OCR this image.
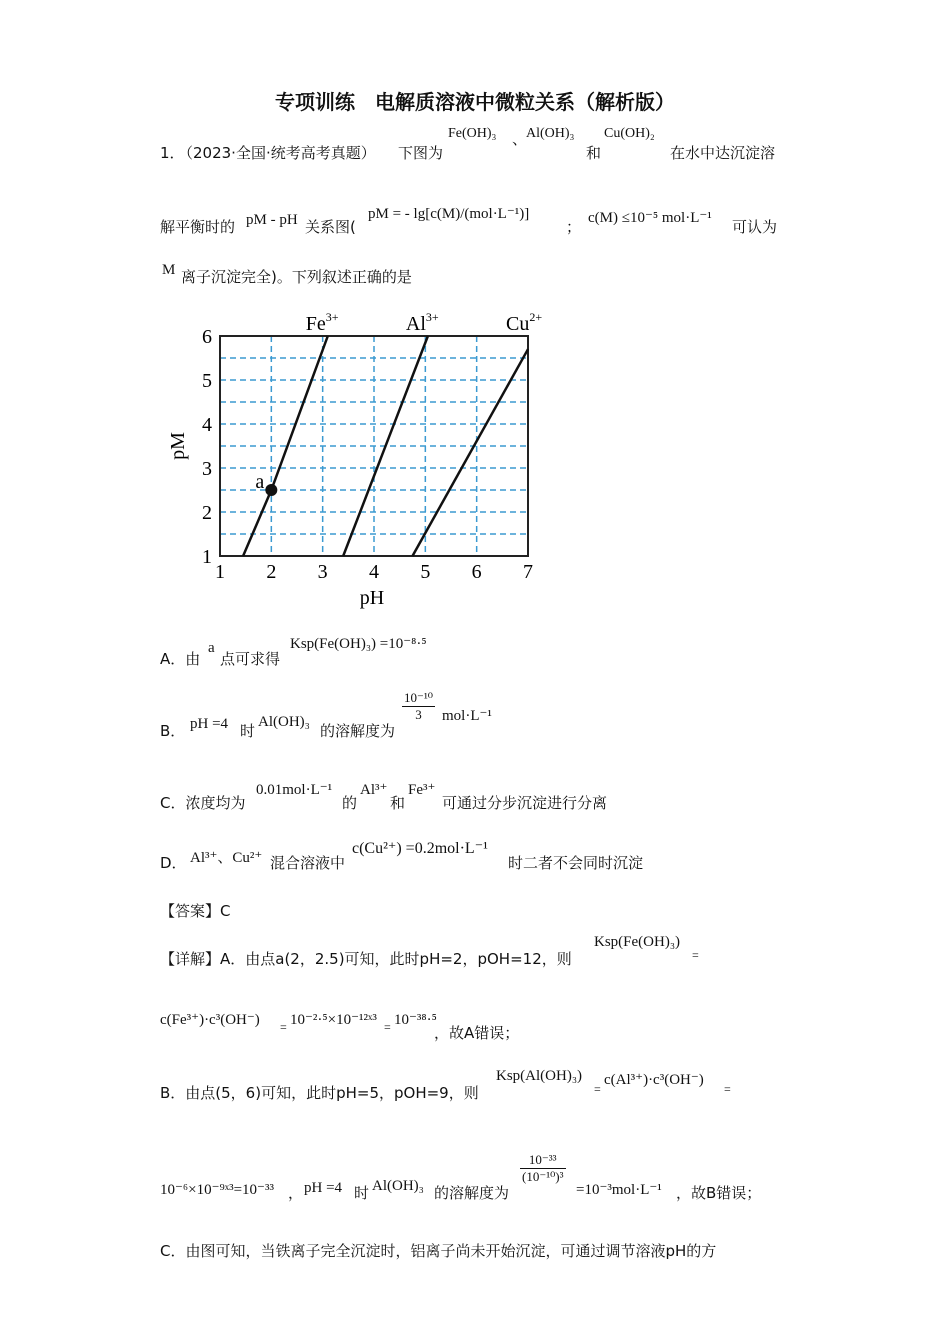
专项训练　电解质溶液中微粒关系（解析版）
1．
（2023·全国·统考高考真题） 下图为
Fe(OH)₃ 、
Al(OH)₃
和
Cu(OH)₂
在水中达沉淀溶
解平衡时的 pM - pH 关系图(
pM = - lg[c(M)/(mol·L⁻¹)]
； c(M) ≤10⁻⁵ mol·L⁻¹ 可认为
M 离子沉淀完全)。下列叙述正确的是
a
1 2 3 4 5 6 7
1
2
3
4
5
6
$Fe^{3+}$	$Al^{3+}$	$Cu^{2+}$
pH
pM
A．由
a
点可求得
Ksp(Fe(OH)₃) =10⁻⁸·⁵
B． pH =4 时 Al(OH)₃ 的溶解度为
$\frac{\text{10⁻¹⁰}}{3} mol\cdot L^{-1}$
C．浓度均为
0.01mol·L⁻¹
的
Al³⁺
和
Fe³⁺
可通过分步沉淀进行分离
D． Al³⁺、Cu²⁺ 混合溶液中
c(Cu²⁺) =0.2mol·L⁻¹
时二者不会同时沉淀
【答案】C
【详解】A．由点a(2，2.5)可知，此时pH=2，pOH=12，则
Ksp(Fe(OH)₃)
=
c(Fe³⁺)·c³(OH⁻) = 10⁻²·⁵×10⁻¹²ˣ³ = 10⁻³⁸·⁵
，故A错误；
B．由点(5，6)可知，此时pH=5，pOH=9，则
Ksp(Al(OH)₃)
=
c(Al³⁺)·c³(OH⁻)
=
10⁻⁶×10⁻⁹ˣ³=10⁻³³ ， pH =4 时 Al(OH)₃ 的溶解度为
$\frac{\text{10⁻³³}}{\text{(10⁻¹⁰)³}}$
=10⁻³mol·L⁻¹ ，故B错误；
C．由图可知，当铁离子完全沉淀时，铝离子尚未开始沉淀，可通过调节溶液pH的方
